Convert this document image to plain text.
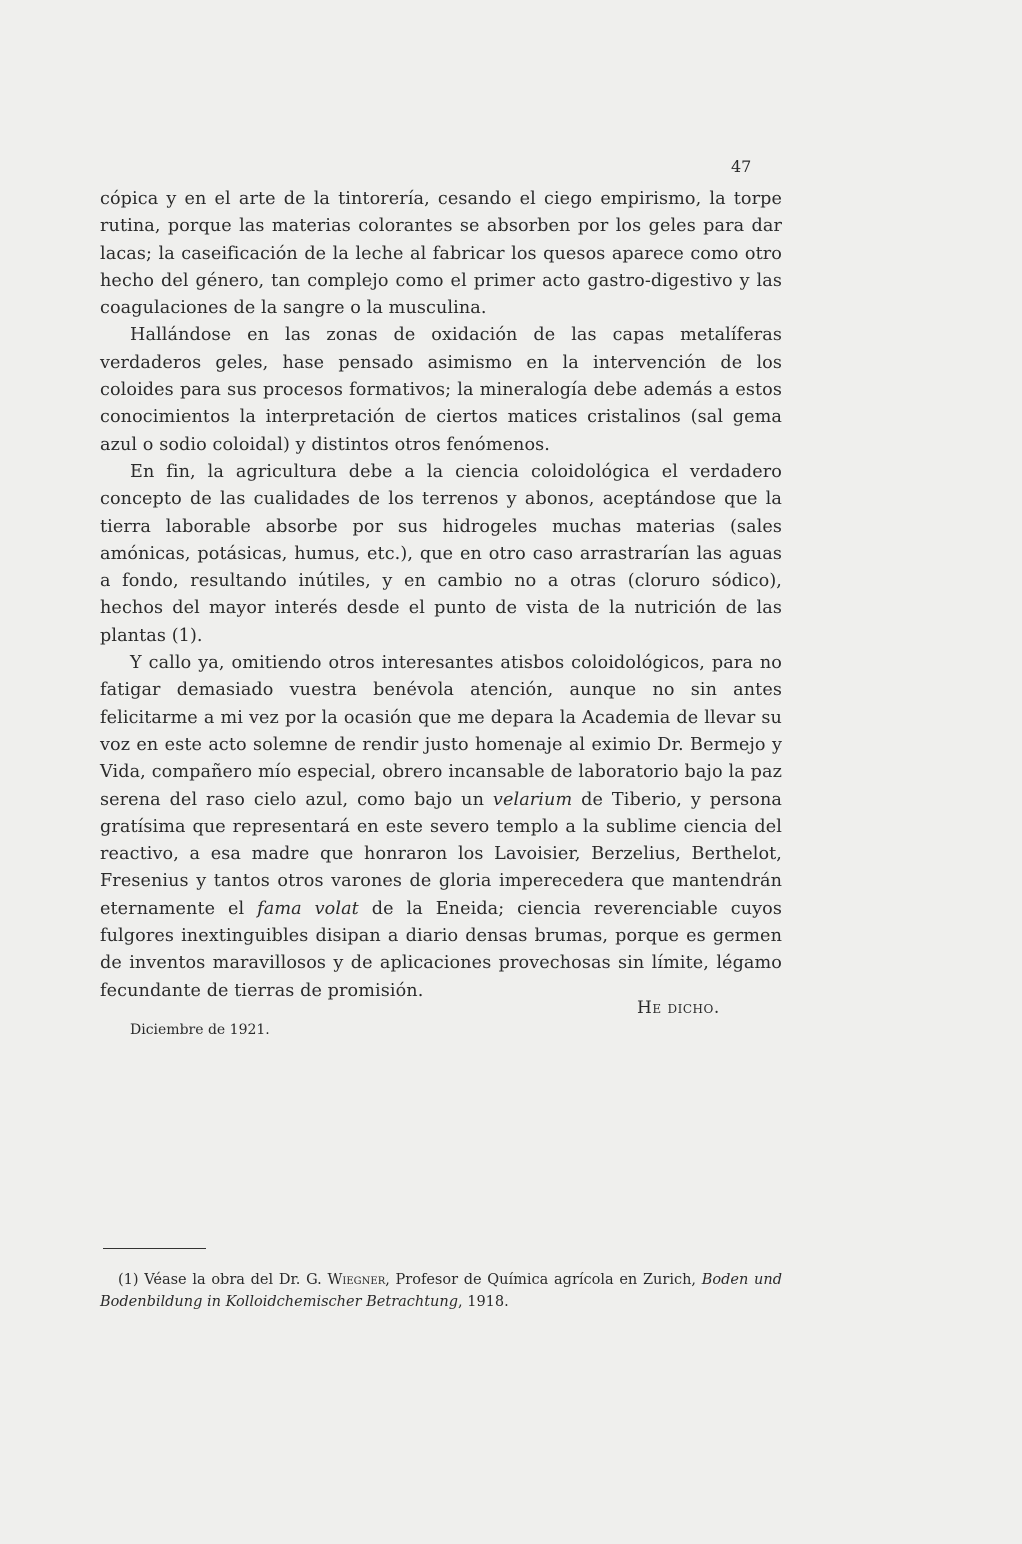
47

cópica y en el arte de la tintorería, cesando el ciego empirismo, la torpe rutina, porque las materias colorantes se absorben por los geles para dar lacas; la caseificación de la leche al fabricar los quesos aparece como otro hecho del género, tan complejo como el primer acto gastro-digestivo y las coagulaciones de la sangre o la musculina.

Hallándose en las zonas de oxidación de las capas metalíferas verdaderos geles, hase pensado asimismo en la intervención de los coloides para sus procesos formativos; la mineralogía debe además a estos conocimientos la interpretación de ciertos matices cristalinos (sal gema azul o sodio coloidal) y distintos otros fenómenos.

En fin, la agricultura debe a la ciencia coloidológica el verdadero concepto de las cualidades de los terrenos y abonos, aceptándose que la tierra laborable absorbe por sus hidrogeles muchas materias (sales amónicas, potásicas, humus, etc.), que en otro caso arrastrarían las aguas a fondo, resultando inútiles, y en cambio no a otras (cloruro sódico), hechos del mayor interés desde el punto de vista de la nutrición de las plantas (1).

Y callo ya, omitiendo otros interesantes atisbos coloidológicos, para no fatigar demasiado vuestra benévola atención, aunque no sin antes felicitarme a mi vez por la ocasión que me depara la Academia de llevar su voz en este acto solemne de rendir justo homenaje al eximio Dr. Bermejo y Vida, compañero mío especial, obrero incansable de laboratorio bajo la paz serena del raso cielo azul, como bajo un velarium de Tiberio, y persona gratísima que representará en este severo templo a la sublime ciencia del reactivo, a esa madre que honraron los Lavoisier, Berzelius, Berthelot, Fresenius y tantos otros varones de gloria imperecedera que mantendrán eternamente el fama volat de la Eneida; ciencia reverenciable cuyos fulgores inextinguibles disipan a diario densas brumas, porque es germen de inventos maravillosos y de aplicaciones provechosas sin límite, légamo fecundante de tierras de promisión.

He dicho.
Diciembre de 1921.
(1) Véase la obra del Dr. G. Wiegner, Profesor de Química agrícola en Zurich, Boden und Bodenbildung in Kolloidchemischer Betrachtung, 1918.
